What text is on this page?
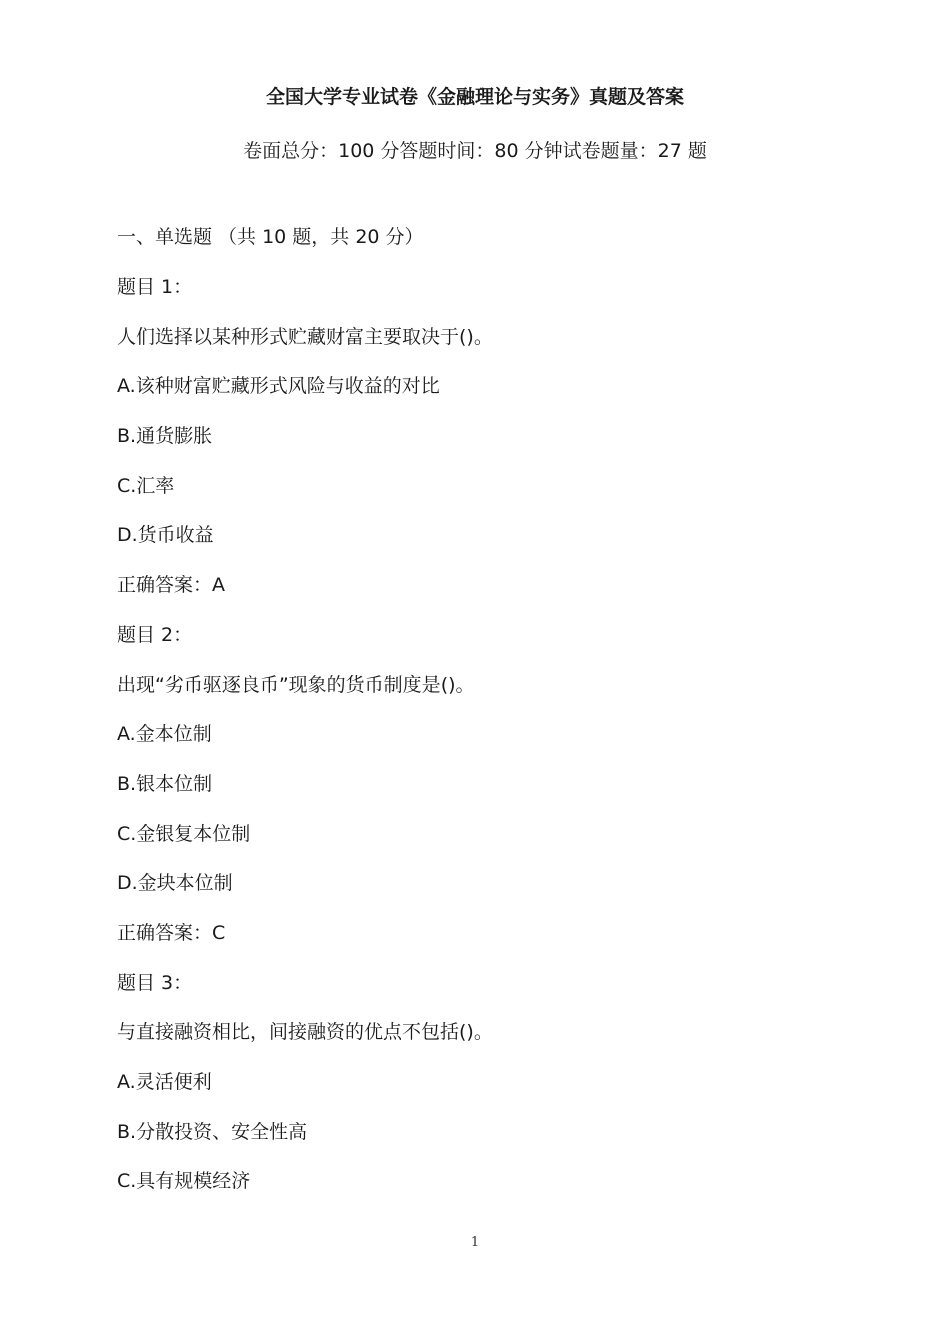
全国大学专业试卷《金融理论与实务》真题及答案

卷面总分：100 分答题时间：80 分钟试卷题量：27 题

一、单选题 （共 10 题，共 20 分）

题目 1：

人们选择以某种形式贮藏财富主要取决于()。

A.该种财富贮藏形式风险与收益的对比

B.通货膨胀

C.汇率

D.货币收益

正确答案：A

题目 2：

出现“劣币驱逐良币”现象的货币制度是()。

A.金本位制

B.银本位制

C.金银复本位制

D.金块本位制

正确答案：C

题目 3：

与直接融资相比，间接融资的优点不包括()。

A.灵活便利

B.分散投资、安全性高

C.具有规模经济

1
